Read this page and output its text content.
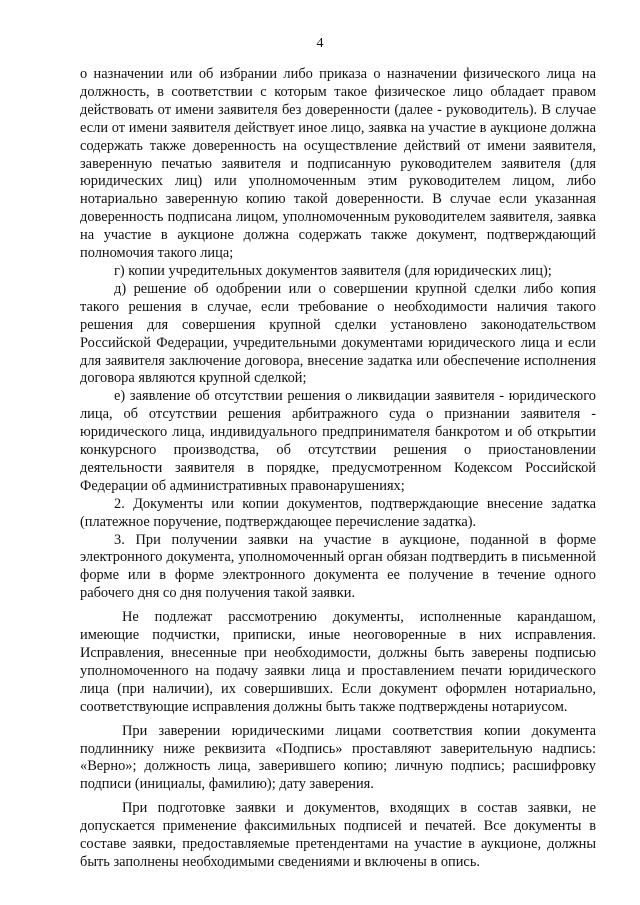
4

о назначении или об избрании либо приказа о назначении физического лица на должность, в соответствии с которым такое физическое лицо обладает правом действовать от имени заявителя без доверенности (далее - руководитель). В случае если от имени заявителя действует иное лицо, заявка на участие в аукционе должна содержать также доверенность на осуществление действий от имени заявителя, заверенную печатью заявителя и подписанную руководителем заявителя (для юридических лиц) или уполномоченным этим руководителем лицом, либо нотариально заверенную копию такой доверенности. В случае если указанная доверенность подписана лицом, уполномоченным руководителем заявителя, заявка на участие в аукционе должна содержать также документ, подтверждающий полномочия такого лица;

г) копии учредительных документов заявителя (для юридических лиц);

д) решение об одобрении или о совершении крупной сделки либо копия такого решения в случае, если требование о необходимости наличия такого решения для совершения крупной сделки установлено законодательством Российской Федерации, учредительными документами юридического лица и если для заявителя заключение договора, внесение задатка или обеспечение исполнения договора являются крупной сделкой;

е) заявление об отсутствии решения о ликвидации заявителя - юридического лица, об отсутствии решения арбитражного суда о признании заявителя - юридического лица, индивидуального предпринимателя банкротом и об открытии конкурсного производства, об отсутствии решения о приостановлении деятельности заявителя в порядке, предусмотренном Кодексом Российской Федерации об административных правонарушениях;

2. Документы или копии документов, подтверждающие внесение задатка (платежное поручение, подтверждающее перечисление задатка).

3. При получении заявки на участие в аукционе, поданной в форме электронного документа, уполномоченный орган обязан подтвердить в письменной форме или в форме электронного документа ее получение в течение одного рабочего дня со дня получения такой заявки.

Не подлежат рассмотрению документы, исполненные карандашом, имеющие подчистки, приписки, иные неоговоренные в них исправления. Исправления, внесенные при необходимости, должны быть заверены подписью уполномоченного на подачу заявки лица и проставлением печати юридического лица (при наличии), их совершивших. Если документ оформлен нотариально, соответствующие исправления должны быть также подтверждены нотариусом.

При заверении юридическими лицами соответствия копии документа подлиннику ниже реквизита «Подпись» проставляют заверительную надпись: «Верно»; должность лица, заверившего копию; личную подпись; расшифровку подписи (инициалы, фамилию); дату заверения.

При подготовке заявки и документов, входящих в состав заявки, не допускается применение факсимильных подписей и печатей. Все документы в составе заявки, предоставляемые претендентами на участие в аукционе, должны быть заполнены необходимыми сведениями и включены в опись.
